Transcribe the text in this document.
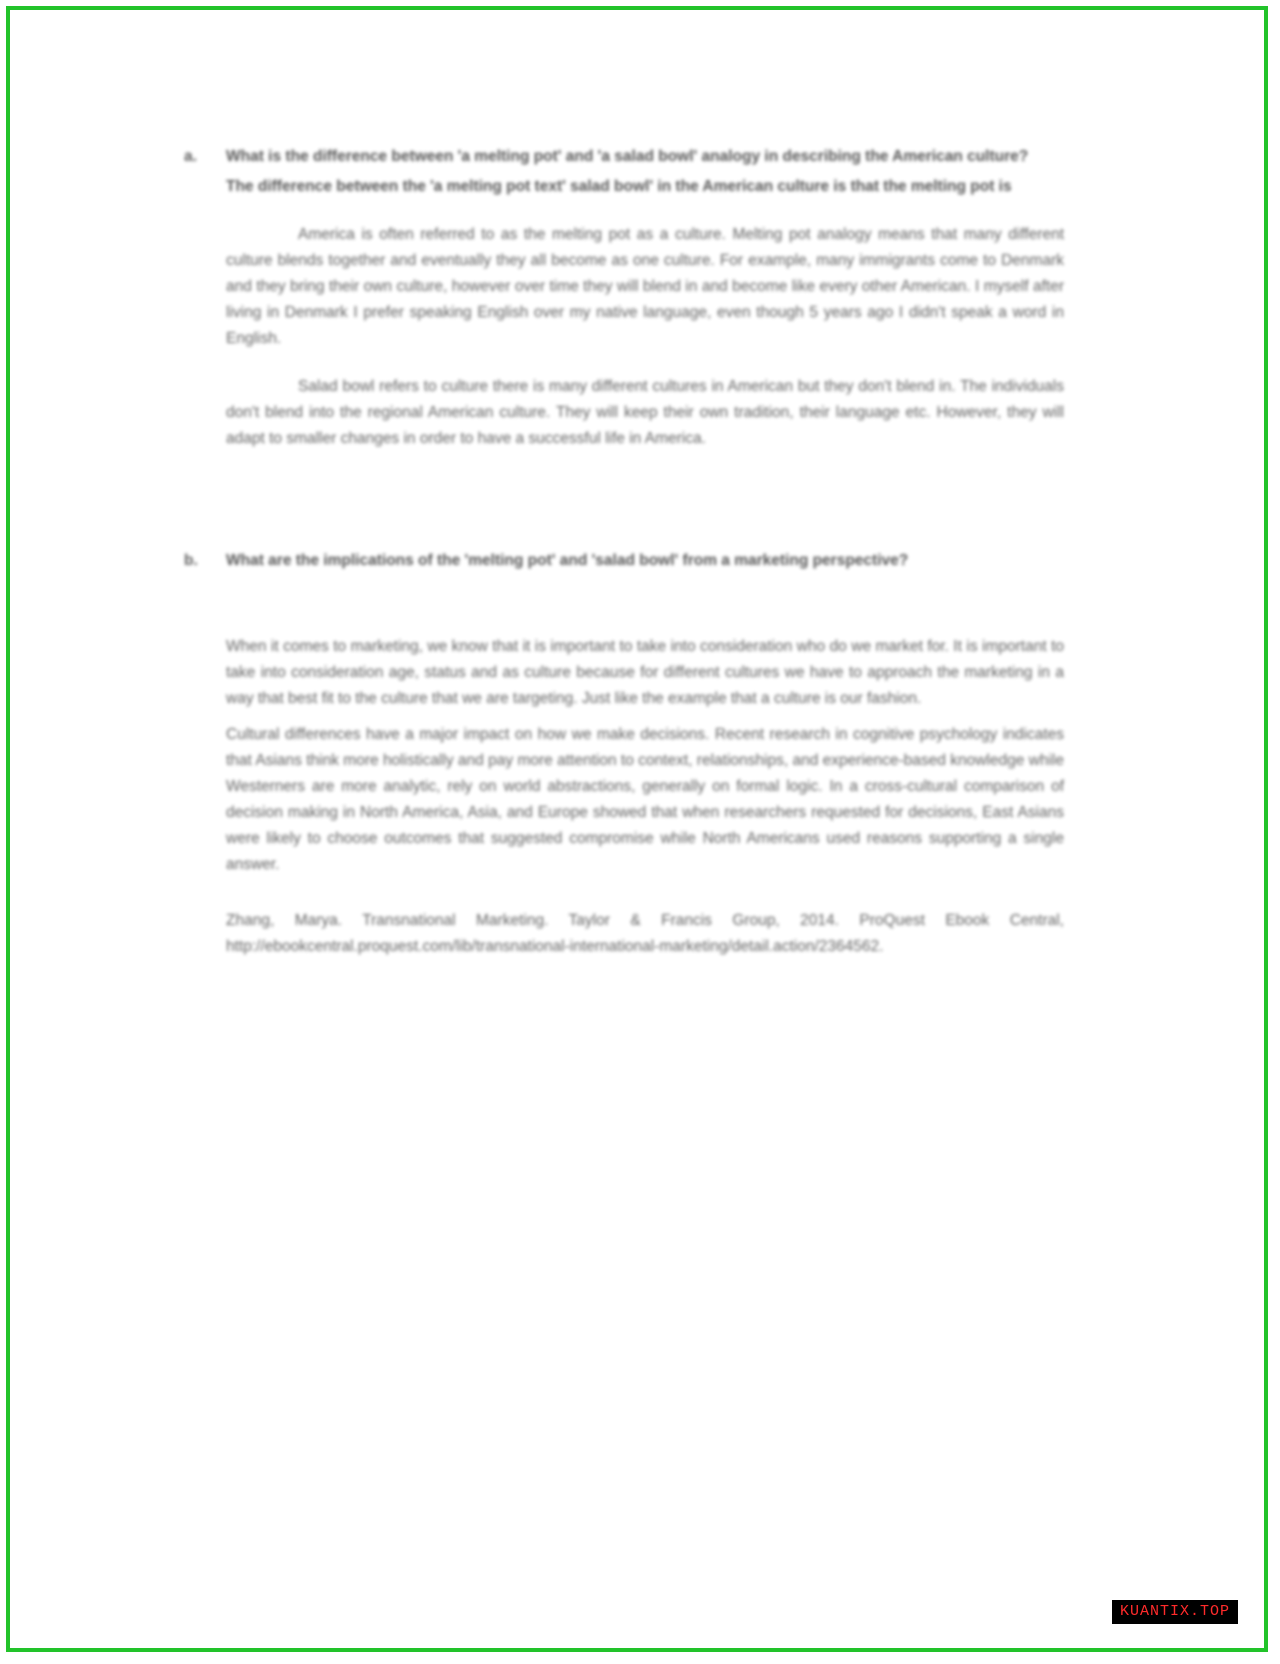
a.	What is the difference between 'a melting pot' and 'a salad bowl' analogy in describing the American culture?
The difference between the 'a melting pot text' salad bowl' in the American culture is that the melting pot is
America is often referred to as the melting pot as a culture. Melting pot analogy means that many different culture blends together and eventually they all become as one culture. For example, many immigrants come to Denmark and they bring their own culture, however over time they will blend in and become like every other American. I myself after living in Denmark I prefer speaking English over my native language, even though 5 years ago I didn't speak a word in English.
Salad bowl refers to culture there is many different cultures in American but they don't blend in. The individuals don't blend into the regional American culture. They will keep their own tradition, their language etc. However, they will adapt to smaller changes in order to have a successful life in America.
b.	What are the implications of the 'melting pot' and 'salad bowl' from a marketing perspective?
When it comes to marketing, we know that it is important to take into consideration who do we market for. It is important to take into consideration age, status and as culture because for different cultures we have to approach the marketing in a way that best fit to the culture that we are targeting. Just like the example that a culture is our fashion.
Cultural differences have a major impact on how we make decisions. Recent research in cognitive psychology indicates that Asians think more holistically and pay more attention to context, relationships, and experience-based knowledge while Westerners are more analytic, rely on world abstractions, generally on formal logic. In a cross-cultural comparison of decision making in North America, Asia, and Europe showed that when researchers requested for decisions, East Asians were likely to choose outcomes that suggested compromise while North Americans used reasons supporting a single answer.
Zhang, Marya. Transnational Marketing. Taylor & Francis Group, 2014. ProQuest Ebook Central, http://ebookcentral.proquest.com/lib/transnational-international-marketing/detail.action/2364562.
KUANTIX.TOP
